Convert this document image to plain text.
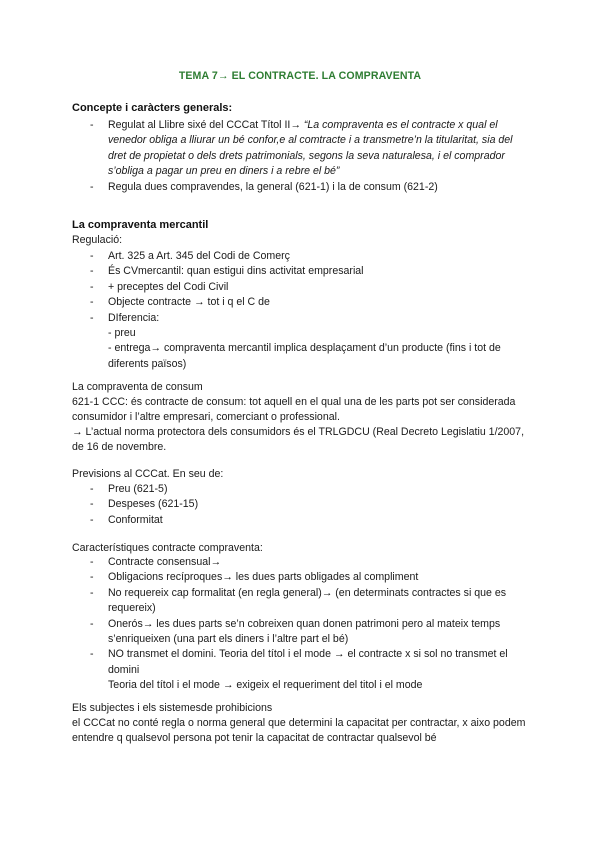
TEMA 7→ EL CONTRACTE. LA COMPRAVENTA
Concepte i caràcters generals:
- Regulat al Llibre sixé del CCCat Títol II→ “La compraventa es el contracte x qual el venedor obliga a lliurar un bé confor,e al comtracte i a transmetre’n la titularitat, sia del dret de propietat o dels drets patrimonials, segons la seva naturalesa, i el comprador s’obliga a pagar un preu en diners i a rebre el bé”
- Regula dues compravendes, la general (621-1) i la de consum (621-2)
La compraventa mercantil
Regulació:
- Art. 325 a Art. 345 del Codi de Comerç
- És CVmercantil: quan estigui dins activitat empresarial
- + preceptes del Codi Civil
- Objecte contracte → tot i q el C de
- DIferencia:
- preu
- entrega→ compraventa mercantil implica desplaçament d’un producte (fins i tot de diferents països)
La compraventa de consum
621-1 CCC: és contracte de consum: tot aquell en el qual una de les parts pot ser considerada consumidor i l’altre empresari, comerciant o professional.
→ L’actual norma protectora dels consumidors és el TRLGDCU (Real Decreto Legislatiu 1/2007, de 16 de novembre.
Previsions al CCCat. En seu de:
- Preu (621-5)
- Despeses (621-15)
- Conformitat
Característiques contracte compraventa:
- Contracte consensual→
- Obligacions recíproques→ les dues parts obligades al compliment
- No requereix cap formalitat (en regla general)→ (en determinats contractes si que es requereix)
- Onerós→ les dues parts se’n cobreixen quan donen patrimoni pero al mateix temps s’enriqueixen (una part els diners i l’altre part el bé)
- NO transmet el domini. Teoria del títol i el mode → el contracte x si sol no transmet el domini
Teoria del títol i el mode → exigeix el requeriment del titol i el mode
Els subjectes i els sistemesde prohibicions
el CCCat no conté regla o norma general que determini la capacitat per contractar, x aixo podem entendre q qualsevol persona pot tenir la capacitat de contractar qualsevol bé
